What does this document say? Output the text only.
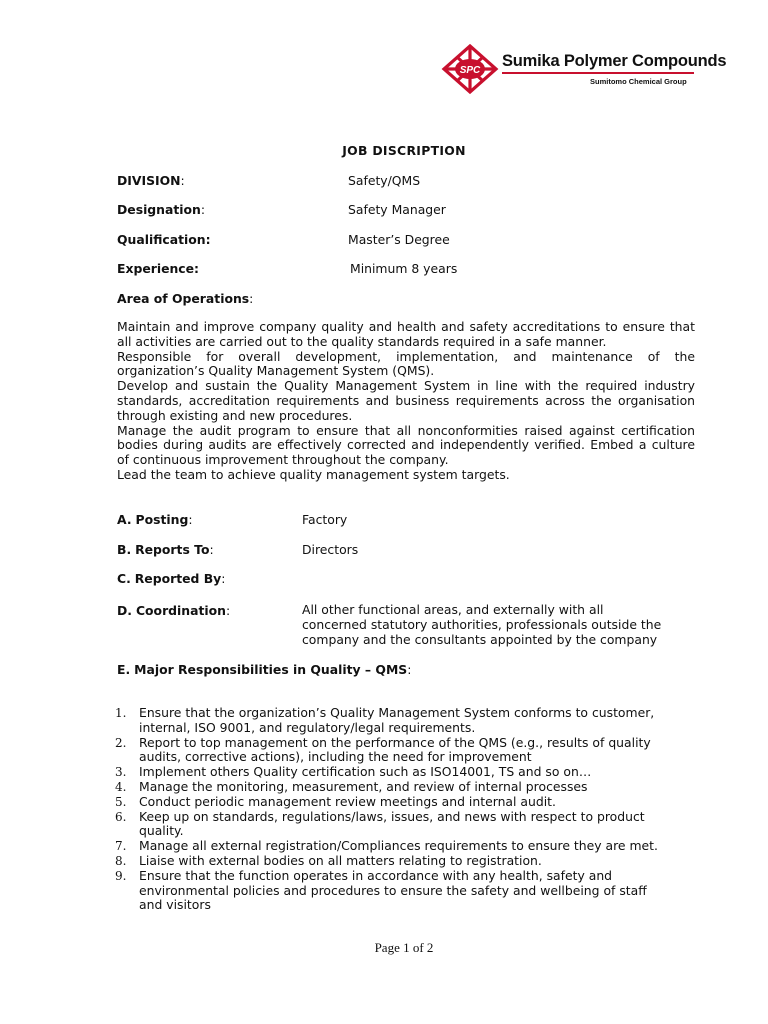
SPC
Sumika Polymer Compounds
Sumitomo Chemical Group
JOB DISCRIPTION
DIVISION:	Safety/QMS
Designation:	Safety Manager
Qualification:	Master’s Degree
Experience:	Minimum 8 years
Area of Operations:

Maintain and improve company quality and health and safety accreditations to ensure that all activities are carried out to the quality standards required in a safe manner.

Responsible for overall development, implementation, and maintenance of the organization’s Quality Management System (QMS).

Develop and sustain the Quality Management System in line with the required industry standards, accreditation requirements and business requirements across the organisation through existing and new procedures.

Manage the audit program to ensure that all nonconformities raised against certification bodies during audits are effectively corrected and independently verified. Embed a culture of continuous improvement throughout the company.

Lead the team to achieve quality management system targets.

A. Posting:	Factory
B. Reports To:	Directors
C. Reported By:
D. Coordination:	All other functional areas, and externally with all

concerned statutory authorities, professionals outside the

company and the consultants appointed by the company

E. Major Responsibilities in Quality – QMS:
1. Ensure that the organization’s Quality Management System conforms to customer,
internal, ISO 9001, and regulatory/legal requirements.
2. Report to top management on the performance of the QMS (e.g., results of quality
audits, corrective actions), including the need for improvement
3. Implement others Quality certification such as ISO14001, TS and so on…
4. Manage the monitoring, measurement, and review of internal processes
5. Conduct periodic management review meetings and internal audit.
6. Keep up on standards, regulations/laws, issues, and news with respect to product
quality.
7. Manage all external registration/Compliances requirements to ensure they are met.
8. Liaise with external bodies on all matters relating to registration.
9. Ensure that the function operates in accordance with any health, safety and
environmental policies and procedures to ensure the safety and wellbeing of staff
and visitors
Page 1 of 2
